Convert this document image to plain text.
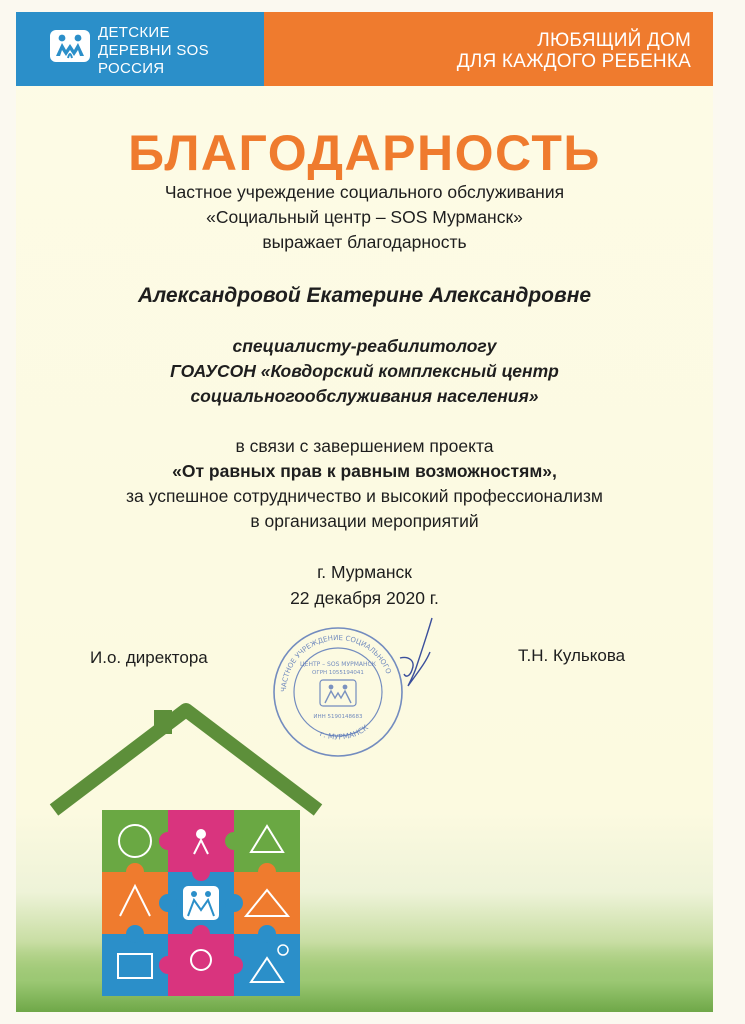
ДЕТСКИЕ
ДЕРЕВНИ SOS
РОССИЯ
ЛЮБЯЩИЙ ДОМ
ДЛЯ КАЖДОГО РЕБЕНКА
БЛАГОДАРНОСТЬ
Частное учреждение социального обслуживания
«Социальный центр – SOS Мурманск»
выражает благодарность
Александровой Екатерине Александровне
специалисту-реабилитологу
ГОАУСОН «Ковдорский комплексный центр
социальногообслуживания населения»
в связи с завершением проекта
«От равных прав к равным возможностям»,
за успешное сотрудничество и высокий профессионализм
в организации мероприятий
г. Мурманск
22 декабря 2020 г.
И.о. директора	Т.Н. Кулькова
ЧАСТНОЕ УЧРЕЖДЕНИЕ СОЦИАЛЬНОГО
г. МУРМАНСК
ЦЕНТР – SOS МУРМАНСК
ОГРН 1055194041
ИНН 5190148683
